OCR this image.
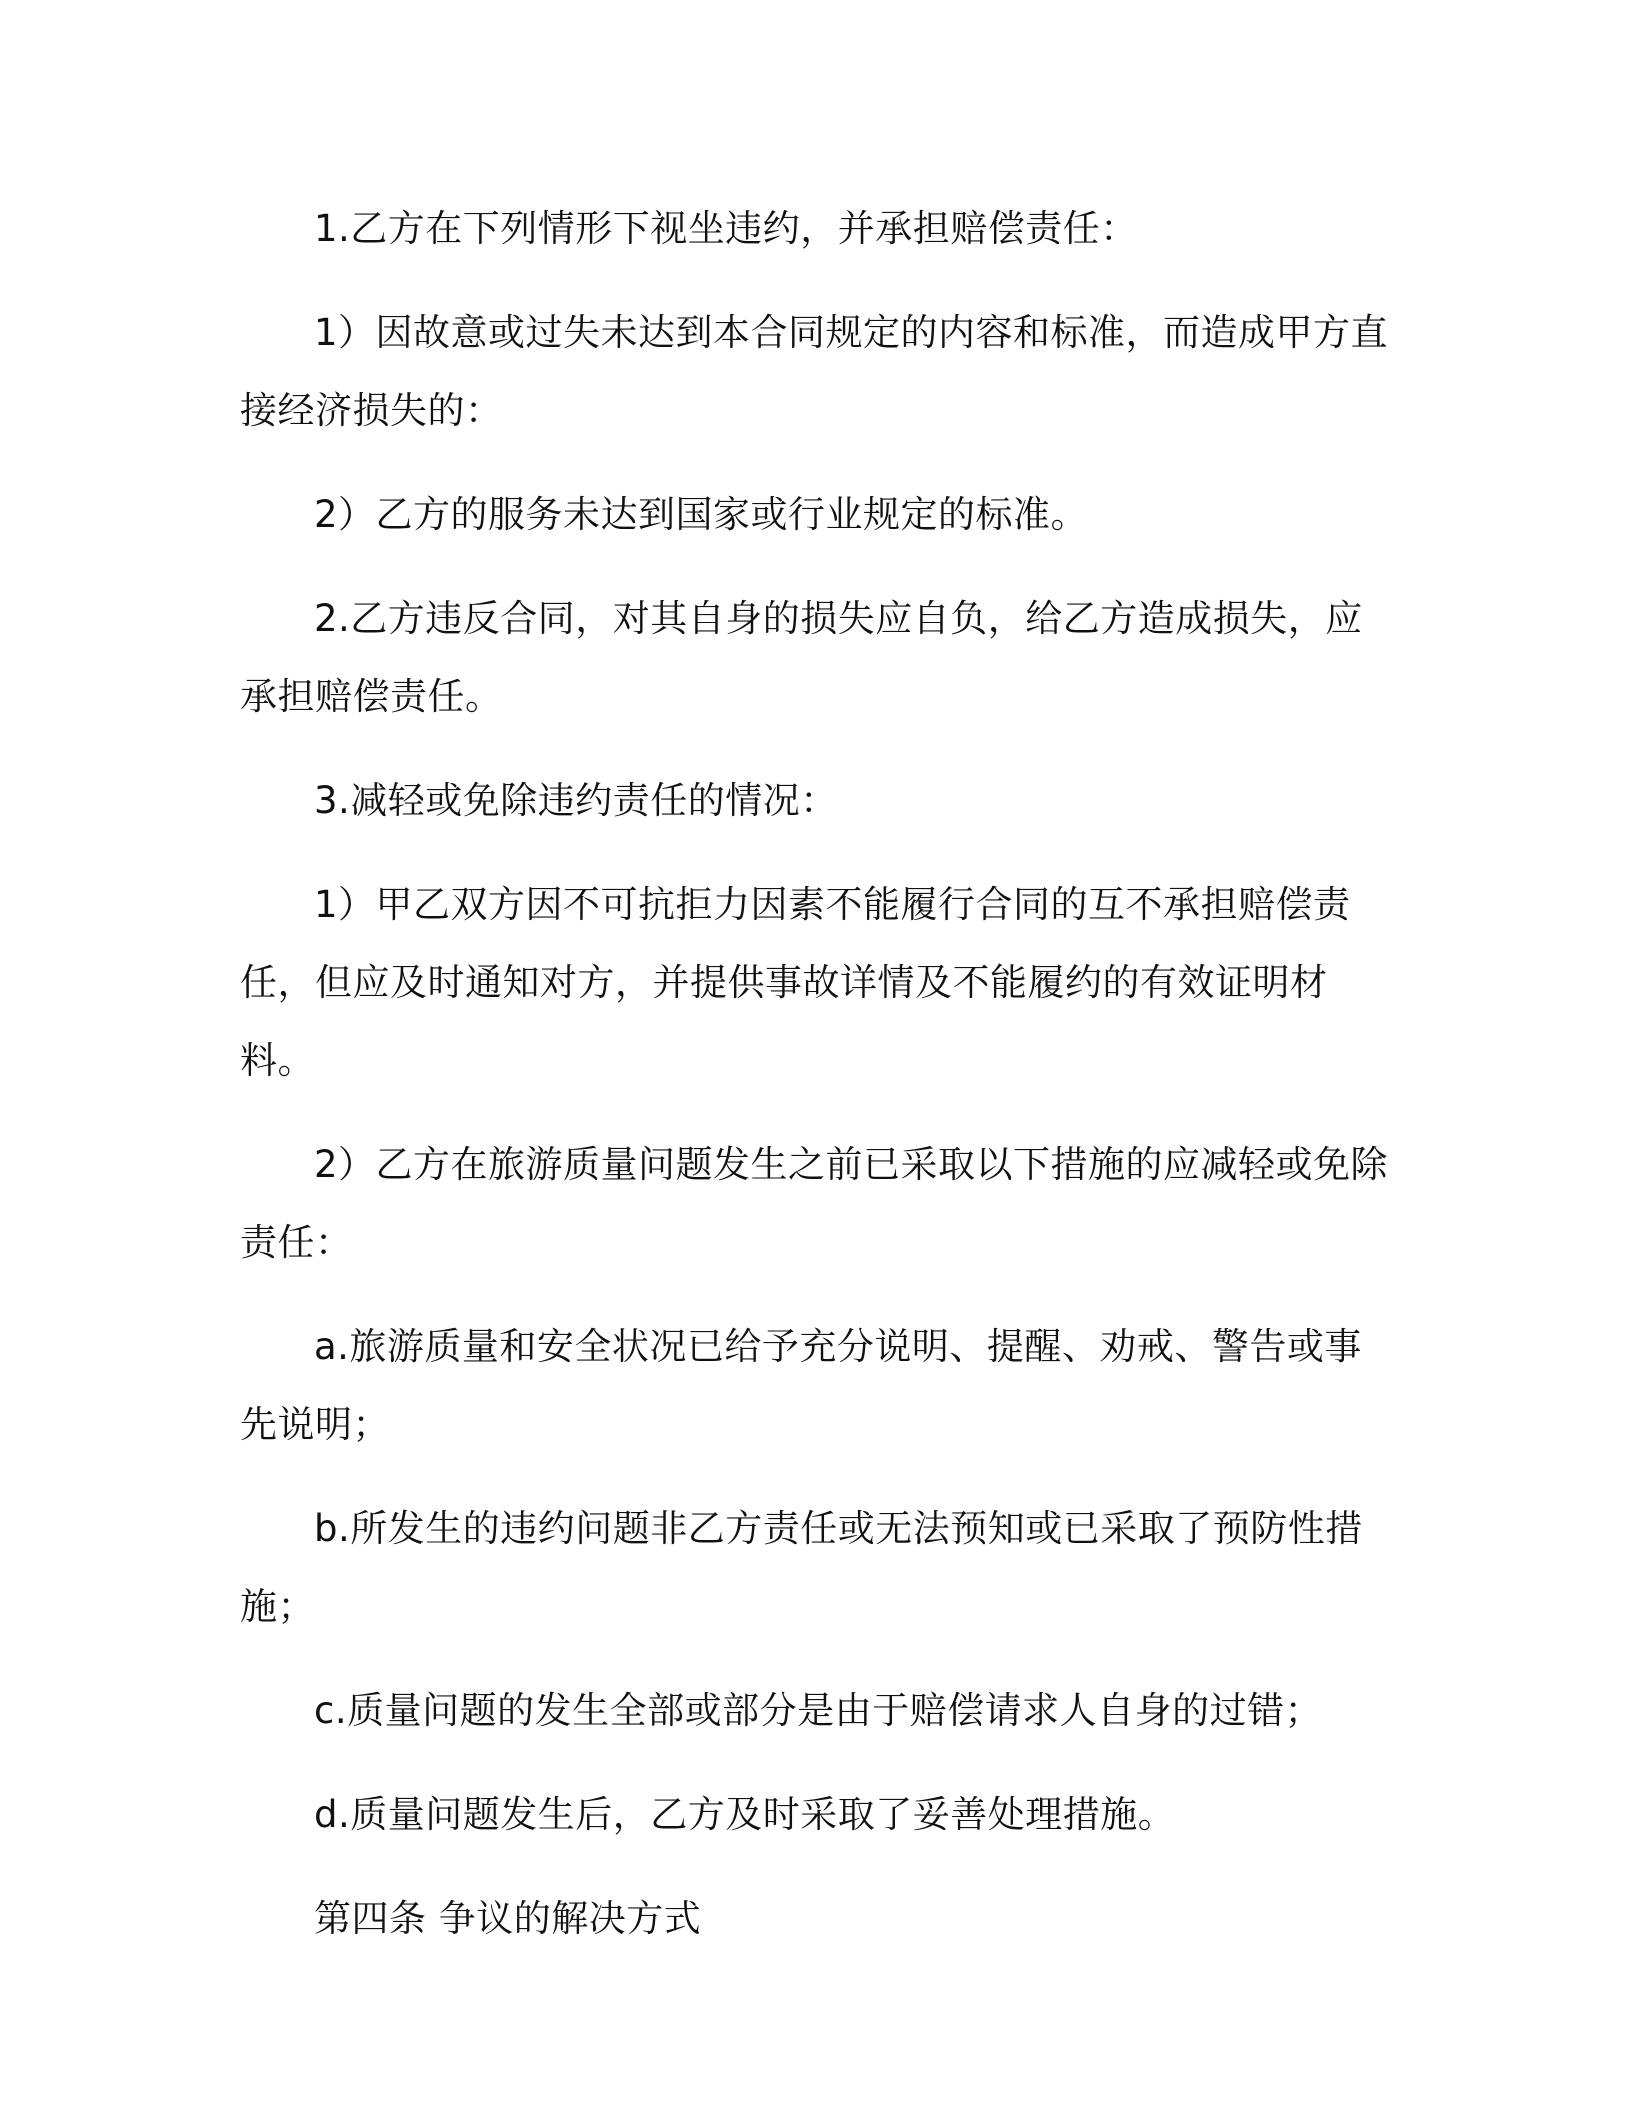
1.乙方在下列情形下视坐违约，并承担赔偿责任：

1）因故意或过失未达到本合同规定的内容和标准，而造成甲方直接经济损失的：

2）乙方的服务未达到国家或行业规定的标准。

2.乙方违反合同，对其自身的损失应自负，给乙方造成损失，应承担赔偿责任。

3.减轻或免除违约责任的情况：

1）甲乙双方因不可抗拒力因素不能履行合同的互不承担赔偿责任，但应及时通知对方，并提供事故详情及不能履约的有效证明材料。

2）乙方在旅游质量问题发生之前已采取以下措施的应减轻或免除责任：

a.旅游质量和安全状况已给予充分说明、提醒、劝戒、警告或事先说明；

b.所发生的违约问题非乙方责任或无法预知或已采取了预防性措施；

c.质量问题的发生全部或部分是由于赔偿请求人自身的过错；

d.质量问题发生后，乙方及时采取了妥善处理措施。

第四条 争议的解决方式
